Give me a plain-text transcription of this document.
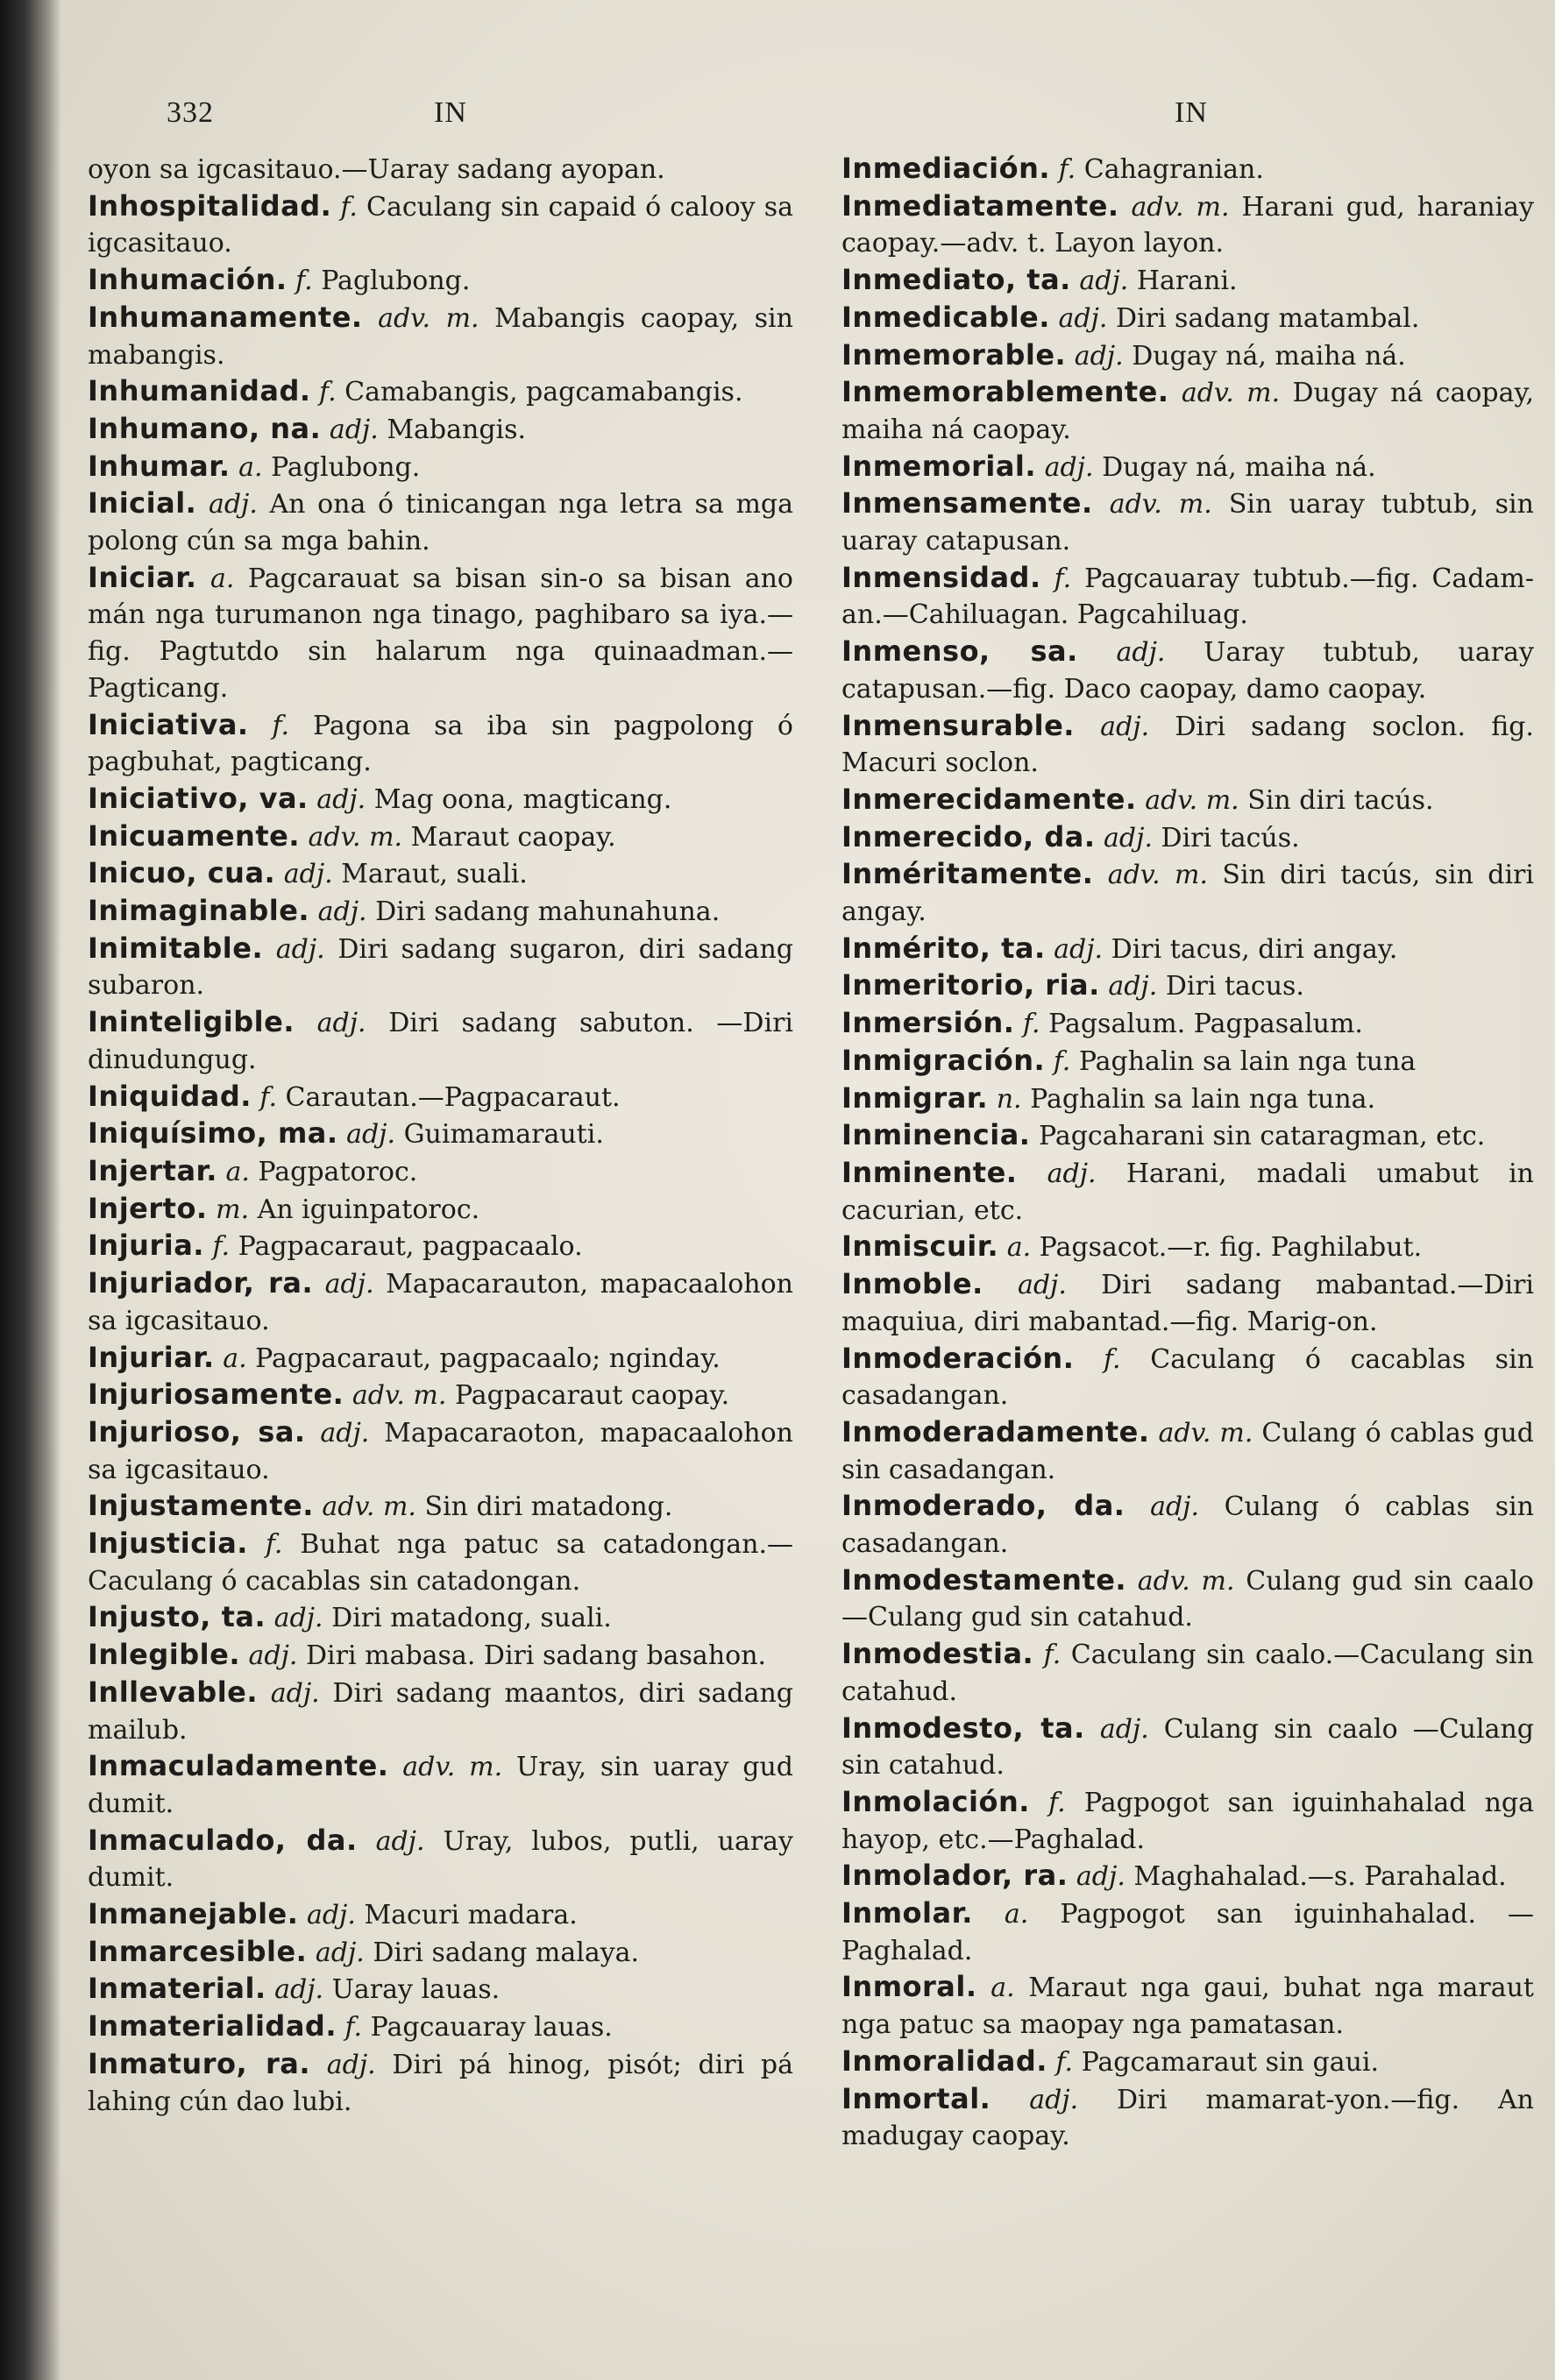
332	IN	IN

oyon sa igcasitauo.—Uaray sadang ayopan.

Inhospitalidad. f. Caculang sin capaid ó calooy sa igcasitauo.

Inhumación. f. Paglubong.

Inhumanamente. adv. m. Mabangis caopay, sin mabangis.

Inhumanidad. f. Camabangis, pagcamabangis.

Inhumano, na. adj. Mabangis.

Inhumar. a. Paglubong.

Inicial. adj. An ona ó tinicangan nga letra sa mga polong cún sa mga bahin.

Iniciar. a. Pagcarauat sa bisan sin-o sa bisan ano mán nga turumanon nga tinago, paghibaro sa iya.—fig. Pagtutdo sin halarum nga quinaadman.—Pagticang.

Iniciativa. f. Pagona sa iba sin pagpolong ó pagbuhat, pagticang.

Iniciativo, va. adj. Mag oona, magticang.

Inicuamente. adv. m. Maraut caopay.

Inicuo, cua. adj. Maraut, suali.

Inimaginable. adj. Diri sadang mahunahuna.

Inimitable. adj. Diri sadang sugaron, diri sadang subaron.

Ininteligible. adj. Diri sadang sabuton. —Diri dinudungug.

Iniquidad. f. Carautan.—Pagpacaraut.

Iniquísimo, ma. adj. Guimamarauti.

Injertar. a. Pagpatoroc.

Injerto. m. An iguinpatoroc.

Injuria. f. Pagpacaraut, pagpacaalo.

Injuriador, ra. adj. Mapacarauton, mapacaalohon sa igcasitauo.

Injuriar. a. Pagpacaraut, pagpacaalo; nginday.

Injuriosamente. adv. m. Pagpacaraut caopay.

Injurioso, sa. adj. Mapacaraoton, mapacaalohon sa igcasitauo.

Injustamente. adv. m. Sin diri matadong.

Injusticia. f. Buhat nga patuc sa catadongan.—Caculang ó cacablas sin catadongan.

Injusto, ta. adj. Diri matadong, suali.

Inlegible. adj. Diri mabasa. Diri sadang basahon.

Inllevable. adj. Diri sadang maantos, diri sadang mailub.

Inmaculadamente. adv. m. Uray, sin uaray gud dumit.

Inmaculado, da. adj. Uray, lubos, putli, uaray dumit.

Inmanejable. adj. Macuri madara.

Inmarcesible. adj. Diri sadang malaya.

Inmaterial. adj. Uaray lauas.

Inmaterialidad. f. Pagcauaray lauas.

Inmaturo, ra. adj. Diri pá hinog, pisót; diri pá lahing cún dao lubi.

Inmediación. f. Cahagranian.

Inmediatamente. adv. m. Harani gud, haraniay caopay.—adv. t. Layon layon.

Inmediato, ta. adj. Harani.

Inmedicable. adj. Diri sadang matambal.

Inmemorable. adj. Dugay ná, maiha ná.

Inmemorablemente. adv. m. Dugay ná caopay, maiha ná caopay.

Inmemorial. adj. Dugay ná, maiha ná.

Inmensamente. adv. m. Sin uaray tubtub, sin uaray catapusan.

Inmensidad. f. Pagcauaray tubtub.—fig. Cadam-an.—Cahiluagan. Pagcahiluag.

Inmenso, sa. adj. Uaray tubtub, uaray catapusan.—fig. Daco caopay, damo caopay.

Inmensurable. adj. Diri sadang soclon. fig. Macuri soclon.

Inmerecidamente. adv. m. Sin diri tacús.

Inmerecido, da. adj. Diri tacús.

Inméritamente. adv. m. Sin diri tacús, sin diri angay.

Inmérito, ta. adj. Diri tacus, diri angay.

Inmeritorio, ria. adj. Diri tacus.

Inmersión. f. Pagsalum. Pagpasalum.

Inmigración. f. Paghalin sa lain nga tuna

Inmigrar. n. Paghalin sa lain nga tuna.

Inminencia. Pagcaharani sin cataragman, etc.

Inminente. adj. Harani, madali umabut in cacurian, etc.

Inmiscuir. a. Pagsacot.—r. fig. Paghilabut.

Inmoble. adj. Diri sadang mabantad.—Diri maquiua, diri mabantad.—fig. Marig-on.

Inmoderación. f. Caculang ó cacablas sin casadangan.

Inmoderadamente. adv. m. Culang ó cablas gud sin casadangan.

Inmoderado, da. adj. Culang ó cablas sin casadangan.

Inmodestamente. adv. m. Culang gud sin caalo—Culang gud sin catahud.

Inmodestia. f. Caculang sin caalo.—Caculang sin catahud.

Inmodesto, ta. adj. Culang sin caalo —Culang sin catahud.

Inmolación. f. Pagpogot san iguinhahalad nga hayop, etc.—Paghalad.

Inmolador, ra. adj. Maghahalad.—s. Parahalad.

Inmolar. a. Pagpogot san iguinhahalad. —Paghalad.

Inmoral. a. Maraut nga gaui, buhat nga maraut nga patuc sa maopay nga pamatasan.

Inmoralidad. f. Pagcamaraut sin gaui.

Inmortal. adj. Diri mamarat-yon.—fig. An madugay caopay.
